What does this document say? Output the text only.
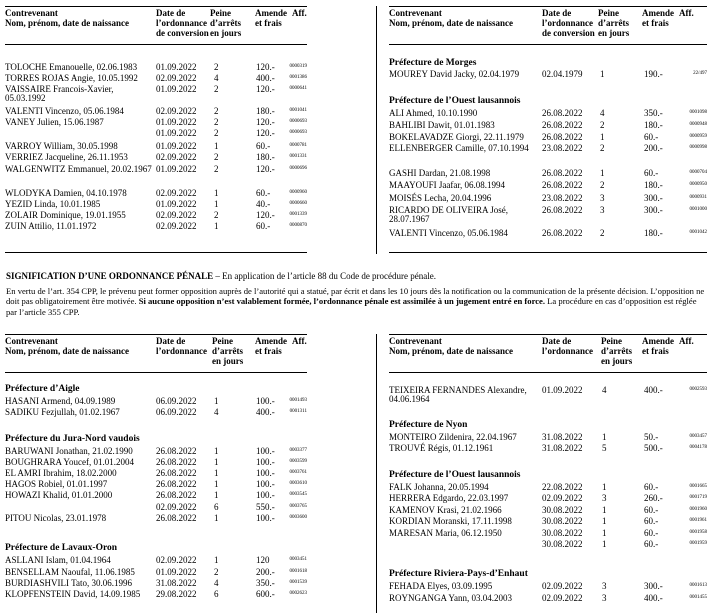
Contrevenant
Nom, prénom, date de naissance
Date de
l’ordonnance
de conversion
Peine
d’arrêts
en jours
Amende
et frais
Aff.
TOLOCHE Emanouelle, 02.06.1983	01.09.2022 2	120.-	0000319
TORRES ROJAS Angie, 10.05.1992	02.09.2022 4	400.-	0001386
VAISSAIRE Francois-Xavier, 05.03.1992
01.09.2022 2	120.-	0000641
VALENTI Vincenzo, 05.06.1984	02.09.2022 2	180.-	0001041
VANEY Julien, 15.06.1987	01.09.2022 2	120.-	0000693
01.09.2022 2	120.-	0000693
VARROY William, 30.05.1998	01.09.2022 1	60.-	0000781
VERRIEZ Jacqueline, 26.11.1953	02.09.2022 2	180.-	0001331
WALGENWITZ Emmanuel, 20.02.1967 01.09.2022 2	120.-	0000696
WLODYKA Damien, 04.10.1978	02.09.2022 1	60.-	0000960
YEZID Linda, 10.01.1985	01.09.2022 1	40.-	0000660
ZOLAIR Dominique, 19.01.1955	02.09.2022 2	120.-	0001339
ZUIN Attilio, 11.01.1972	02.09.2022 1	60.-	0000870
Contrevenant
Nom, prénom, date de naissance
Date de
l’ordonnance
de conversion
Peine
d’arrêts
en jours
Amende
et frais
Aff.
Préfecture de Morges
MOUREY David Jacky, 02.04.1979	02.04.1979 1	190.-	22/497
Préfecture de l’Ouest lausannois
ALI Ahmed, 10.10.1990	26.08.2022 4	350.-	0001098
BAHLIBI Dawit, 01.01.1983	26.08.2022 2	180.-	0000948
BOKELAVADZE Giorgi, 22.11.1979	26.08.2022 1	60.-	0000959
ELLENBERGER Camille, 07.10.1994	23.08.2022 2	200.-	0000998
GASHI Dardan, 21.08.1998	26.08.2022 1	60.-	0000704
MAAYOUFI Jaafar, 06.08.1994	26.08.2022 2	180.-	0000950
MOISÉS Lecha, 20.04.1996	23.08.2022 3	300.-	0000931
RICARDO DE OLIVEIRA José, 28.07.1967
26.08.2022 3	300.-	0001000
VALENTI Vincenzo, 05.06.1984	26.08.2022 2	180.-	0001042
SIGNIFICATION D’UNE ORDONNANCE PÉNALE – En application de l’article 88 du Code de procédure pénale.
En vertu de l’art. 354 CPP, le prévenu peut former opposition auprès de l’autorité qui a statué, par écrit et dans les 10 jours dès la notification ou la communication de la présente décision. L’opposition ne doit pas obligatoirement être motivée. Si aucune opposition n’est valablement formée, l’ordonnance pénale est assimilée à un jugement entré en force. La procédure en cas d’opposition est réglée par l’article 355 CPP.
Contrevenant
Nom, prénom, date de naissance
Date de
l’ordonnance
Peine
d’arrêts
en jours
Amende
et frais
Aff.
Préfecture d’Aigle
HASANI Armend, 04.09.1989	06.09.2022 1	100.-	0001493
SADIKU Fezjullah, 01.02.1967	06.09.2022 4	400.-	0001311
Préfecture du Jura-Nord vaudois
BARUWANI Jonathan, 21.02.1990	26.08.2022 1	100.-	0003377
BOUGHRARA Youcef, 01.01.2004	26.08.2022 1	100.-	0003599
EL AMRI Ibrahim, 18.02.2000	26.08.2022 1	100.-	0003761
HAGOS Robiel, 01.01.1997	26.08.2022 1	100.-	0003610
HOWAZI Khalid, 01.01.2000	26.08.2022 1	100.-	0003545
02.09.2022 6	550.-	0003765
PITOU Nicolas, 23.01.1978	26.08.2022 1	100.-	0003600
Préfecture de Lavaux-Oron
ASLLANI Islam, 01.04.1964	02.09.2022 1	120	0003451
BENSELLAM Naoufal, 11.06.1985	01.09.2022 2	200.-	0001618
BURDIASHVILI Tato, 30.06.1996	31.08.2022 4	350.-	0001539
KLOPFENSTEIN David, 14.09.1985	29.08.2022 6	600.-	0002623
Contrevenant
Nom, prénom, date de naissance
Date de
l’ordonnance
Peine
d’arrêts
en jours
Amende
et frais
Aff.
TEIXEIRA FERNANDES Alexandre, 04.06.1964
01.09.2022 4	400.-	0002593
Préfecture de Nyon
MONTEIRO Zildenira, 22.04.1967	31.08.2022 1	50.-	0003457
TROUVÉ Régis, 01.12.1961	31.08.2022 5	500.-	0004178
Préfecture de l’Ouest lausannois
FALK Johanna, 20.05.1994	22.08.2022 1	60.-	0001665
HERRERA Edgardo, 22.03.1997	02.09.2022 3	260.-	0001719
KAMENOV Krasi, 21.02.1966	30.08.2022 1	60.-	0001960
KORDIAN Moranski, 17.11.1998	30.08.2022 1	60.-	0001961
MARESAN Maria, 06.12.1950	30.08.2022 1	60.-	0001958
30.08.2022 1	60.-	0001959
Préfecture Riviera-Pays-d’Enhaut
FEHADA Elyes, 03.09.1995	02.09.2022 3	300.-	0001613
ROYNGANGA Yann, 03.04.2003	02.09.2022 3	400.-	0001455
